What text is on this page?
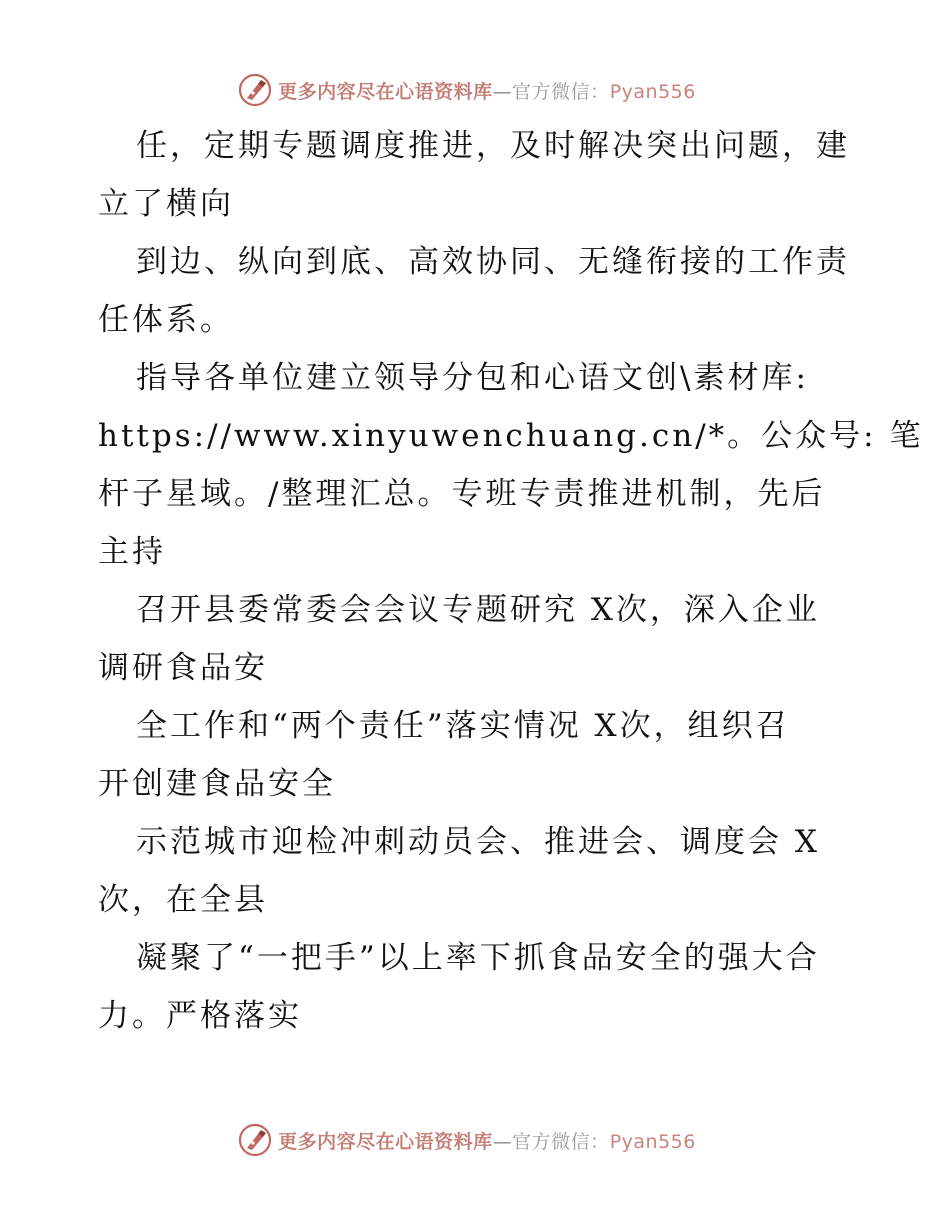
更多内容尽在心语资料库—官方微信：Pyan556
任，定期专题调度推进，及时解决突出问题，建
立了横向
到边、纵向到底、高效协同、无缝衔接的工作责
任体系。
指导各单位建立领导分包和心语文创\素材库:
https://www.xinyuwenchuang.cn/*。公众号: 笔
杆子星域。/整理汇总。专班专责推进机制，先后
主持
召开县委常委会会议专题研究 X次，深入企业
调研食品安
全工作和“两个责任”落实情况 X次，组织召
开创建食品安全
示范城市迎检冲刺动员会、推进会、调度会 X
次，在全县
凝聚了“一把手”以上率下抓食品安全的强大合
力。严格落实
更多内容尽在心语资料库—官方微信：Pyan556
